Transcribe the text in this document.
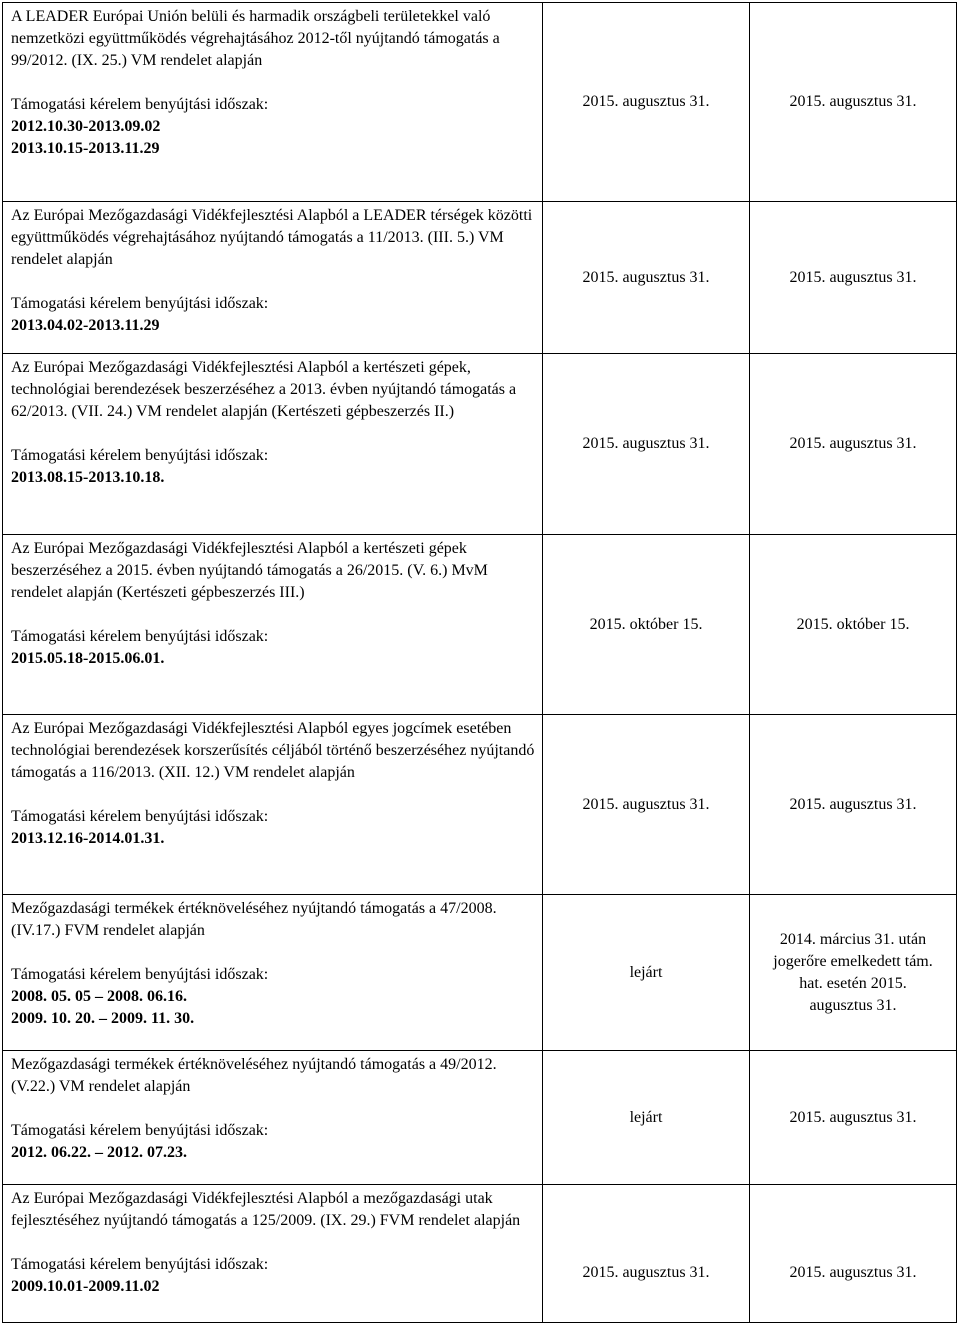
A LEADER Európai Unión belüli és harmadik országbeli területekkel való nemzetközi együttműködés végrehajtásához 2012-től nyújtandó támogatás a 99/2012. (IX. 25.) VM rendelet alapján
Támogatási kérelem benyújtási időszak:
2012.10.30-2013.09.02
2013.10.15-2013.11.29	2015. augusztus 31.	2015. augusztus 31.

Az Európai Mezőgazdasági Vidékfejlesztési Alapból a LEADER térségek közötti együttműködés végrehajtásához nyújtandó támogatás a 11/2013. (III. 5.) VM rendelet alapján
Támogatási kérelem benyújtási időszak:
2013.04.02-2013.11.29	2015. augusztus 31.	2015. augusztus 31.

Az Európai Mezőgazdasági Vidékfejlesztési Alapból a kertészeti gépek, technológiai berendezések beszerzéséhez a 2013. évben nyújtandó támogatás a 62/2013. (VII. 24.) VM rendelet alapján (Kertészeti gépbeszerzés II.)
Támogatási kérelem benyújtási időszak:
2013.08.15-2013.10.18.	2015. augusztus 31.	2015. augusztus 31.

Az Európai Mezőgazdasági Vidékfejlesztési Alapból a kertészeti gépek beszerzéséhez a 2015. évben nyújtandó támogatás a 26/2015. (V. 6.) MvM rendelet alapján (Kertészeti gépbeszerzés III.)
Támogatási kérelem benyújtási időszak:
2015.05.18-2015.06.01.	2015. október 15.	2015. október 15.

Az Európai Mezőgazdasági Vidékfejlesztési Alapból egyes jogcímek esetében technológiai berendezések korszerűsítés céljából történő beszerzéséhez nyújtandó támogatás a 116/2013. (XII. 12.) VM rendelet alapján
Támogatási kérelem benyújtási időszak:
2013.12.16-2014.01.31.	2015. augusztus 31.	2015. augusztus 31.

Mezőgazdasági termékek értéknöveléséhez nyújtandó támogatás a 47/2008. (IV.17.) FVM rendelet alapján
Támogatási kérelem benyújtási időszak:
2008. 05. 05 – 2008. 06.16.
2009. 10. 20. – 2009. 11. 30.	lejárt	2014. március 31. után jogerőre emelkedett tám. hat. esetén 2015. augusztus 31.

Mezőgazdasági termékek értéknöveléséhez nyújtandó támogatás a 49/2012. (V.22.) VM rendelet alapján
Támogatási kérelem benyújtási időszak:
2012. 06.22. – 2012. 07.23.	lejárt	2015. augusztus 31.

Az Európai Mezőgazdasági Vidékfejlesztési Alapból a mezőgazdasági utak fejlesztéséhez nyújtandó támogatás a 125/2009. (IX. 29.) FVM rendelet alapján
Támogatási kérelem benyújtási időszak:
2009.10.01-2009.11.02	2015. augusztus 31.	2015. augusztus 31.
